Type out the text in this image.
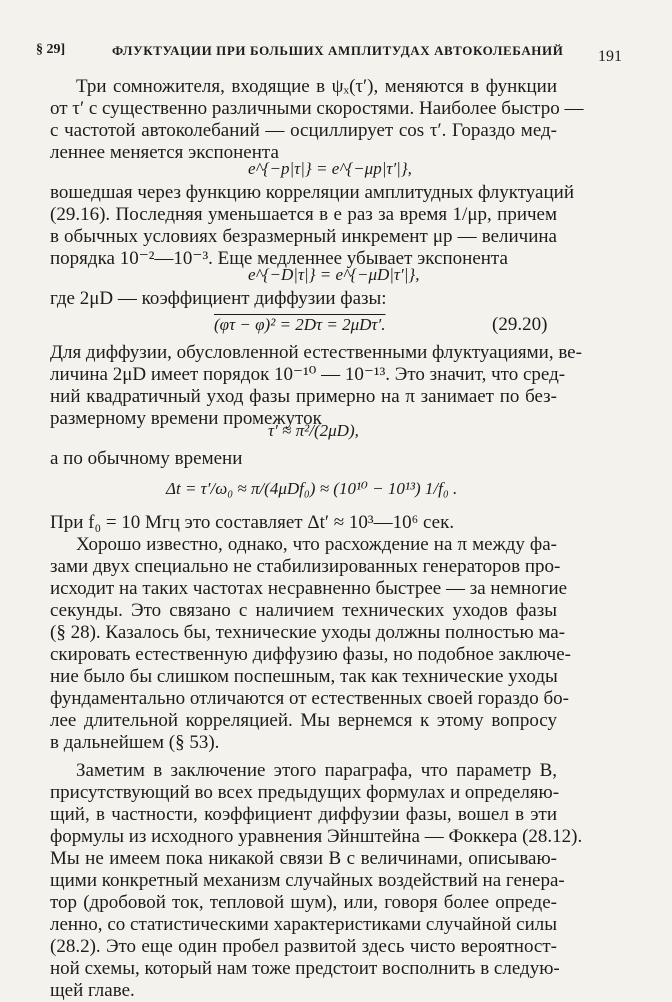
§ 29]	ФЛУКТУАЦИИ ПРИ БОЛЬШИХ АМПЛИТУДАХ АВТОКОЛЕБАНИЙ 191

Три сомножителя, входящие в ψₓ(τ′), меняются в функции

от τ′ с существенно различными скоростями. Наиболее быстро —

с частотой автоколебаний — осциллирует cos τ′. Гораздо мед-

леннее меняется экспонента

e^{−p|τ|} = e^{−μp|τ′|},

вошедшая через функцию корреляции амплитудных флуктуаций

(29.16). Последняя уменьшается в e раз за время 1/μp, причем

в обычных условиях безразмерный инкремент μp — величина

порядка 10⁻²—10⁻³. Еще медленнее убывает экспонента

e^{−D|τ|} = e^{−μD|τ′|},

где 2μD — коэффициент диффузии фазы:

(φτ − φ)² = 2Dτ = 2μDτ′.	(29.20)

Для диффузии, обусловленной естественными флуктуациями, ве-

личина 2μD имеет порядок 10⁻¹⁰ — 10⁻¹³. Это значит, что сред-

ний квадратичный уход фазы примерно на π занимает по без-

размерному времени промежуток

τ′ ≈ π²/(2μD),

а по обычному времени

Δt = τ′/ω₀ ≈ π/(4μDf₀) ≈ (10¹⁰ − 10¹³) 1/f₀ .

При f₀ = 10 Мгц это составляет Δt′ ≈ 10³—10⁶ сек.

Хорошо известно, однако, что расхождение на π между фа-

зами двух специально не стабилизированных генераторов про-

исходит на таких частотах несравненно быстрее — за немногие

секунды. Это связано с наличием технических уходов фазы

(§ 28). Казалось бы, технические уходы должны полностью ма-

скировать естественную диффузию фазы, но подобное заключе-

ние было бы слишком поспешным, так как технические уходы

фундаментально отличаются от естественных своей гораздо бо-

лее длительной корреляцией. Мы вернемся к этому вопросу

в дальнейшем (§ 53).

Заметим в заключение этого параграфа, что параметр B,

присутствующий во всех предыдущих формулах и определяю-

щий, в частности, коэффициент диффузии фазы, вошел в эти

формулы из исходного уравнения Эйнштейна — Фоккера (28.12).

Мы не имеем пока никакой связи B с величинами, описываю-

щими конкретный механизм случайных воздействий на генера-

тор (дробовой ток, тепловой шум), или, говоря более опреде-

ленно, со статистическими характеристиками случайной силы

(28.2). Это еще один пробел развитой здесь чисто вероятност-

ной схемы, который нам тоже предстоит восполнить в следую-

щей главе.
